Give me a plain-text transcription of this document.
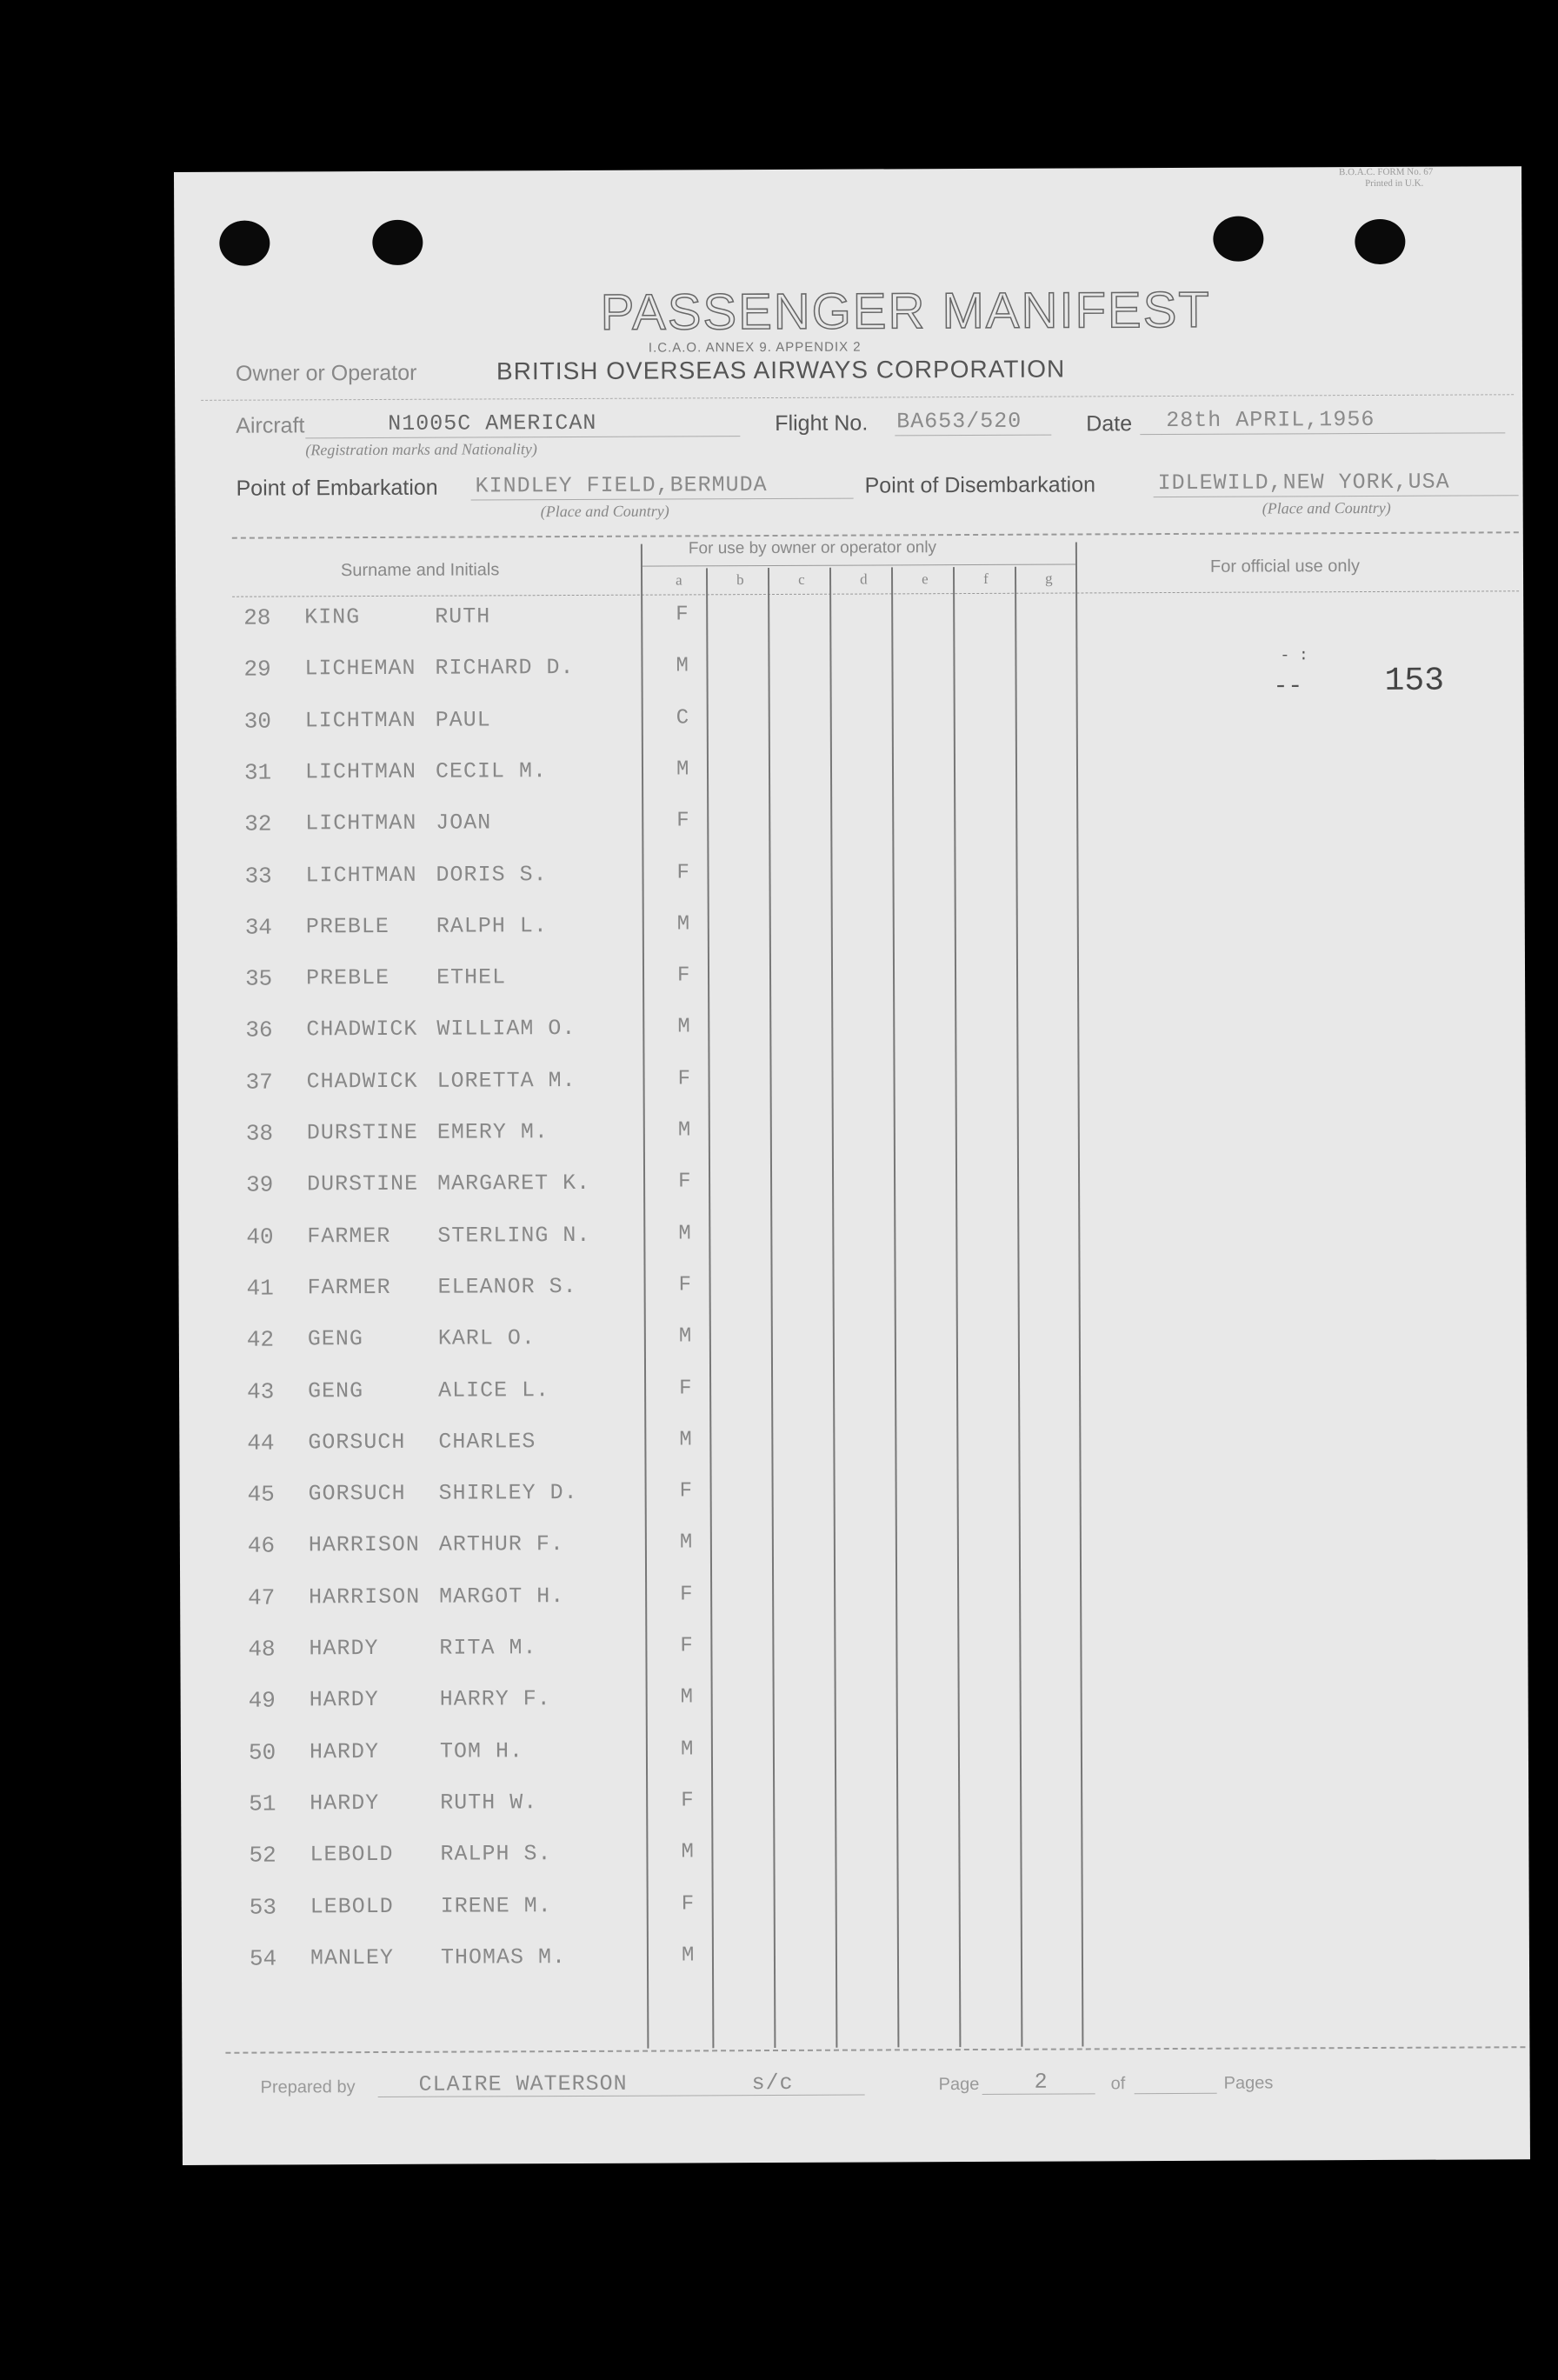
B.O.A.C. FORM No. 67
Printed in U.K.
PASSENGER MANIFEST
I.C.A.O. ANNEX 9. APPENDIX 2
Owner or Operator	BRITISH OVERSEAS AIRWAYS CORPORATION
Aircraft	N1005C AMERICAN
(Registration marks and Nationality)
Flight No. BA653/520	Date 28th APRIL,1956
Point of Embarkation KINDLEY FIELD,BERMUDA
(Place and Country)
Point of Disembarkation	IDLEWILD,NEW YORK,USA
(Place and Country)
Surname and Initials
For use by owner or operator only
For official use only
a	b	c	d	e	f	g
- :
-- 153
28 KING	RUTH	F
29 LICHEMAN RICHARD D.	M
30 LICHTMAN PAUL	C
31 LICHTMAN CECIL M.	M
32 LICHTMAN JOAN	F
33 LICHTMAN DORIS S.	F
34 PREBLE RALPH L.	M
35 PREBLE ETHEL	F
36 CHADWICK WILLIAM O.	M
37 CHADWICK LORETTA M.	F
38 DURSTINE EMERY M.	M
39 DURSTINE MARGARET K.	F
40 FARMER STERLING N.	M
41 FARMER ELEANOR S.	F
42 GENG	KARL O.	M
43 GENG	ALICE L.	F
44 GORSUCH CHARLES	M
45 GORSUCH SHIRLEY D.	F
46 HARRISON ARTHUR F.	M
47 HARRISON MARGOT H.	F
48 HARDY	RITA M.	F
49 HARDY	HARRY F.	M
50 HARDY	TOM H.	M
51 HARDY	RUTH W.	F
52 LEBOLD RALPH S.	M
53 LEBOLD IRENE M.	F
54 MANLEY THOMAS M.	M
Prepared by	CLAIRE WATERSON	s/c	Page	2	of	Pages
